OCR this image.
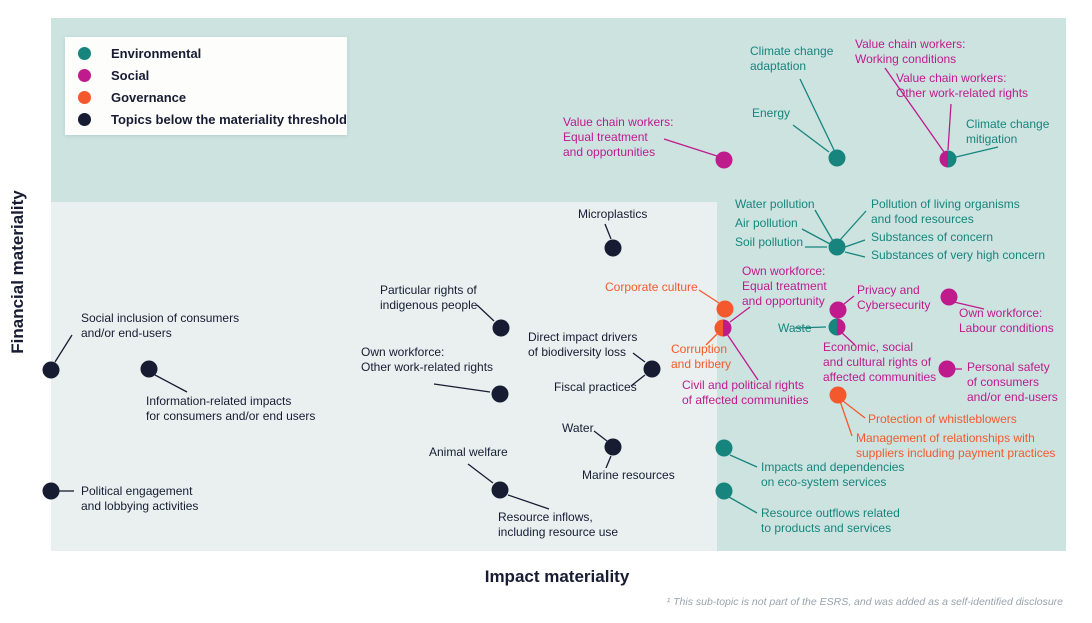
Climate change adaptation
Energy
Climate change mitigation
Value chain workers: Equal treatment and opportunities
Value chain workers: Working conditions
Value chain workers: Other work-related rights
Water pollution
Air pollution
Soil pollution
Pollution of living organisms and food resources
Substances of concern
Substances of very high concern
Microplastics
Corporate culture
Own workforce: Equal treatment and opportunity
Privacy and Cybersecurity
Own workforce: Labour conditions
Waste
Economic, social and cultural rights of affected communities
Personal safety of consumers and/or end-users
Corruption and bribery
Civil and political rights of affected communities
Protection of whistleblowers
Management of relationships with suppliers including payment practices
Particular rights of indigenous people
Social inclusion of consumers and/or end-users
Information-related impacts for consumers and/or end users
Own workforce: Other work-related rights
Direct impact drivers of biodiversity loss
Fiscal practices
Water
Marine resources
Animal welfare
Resource inflows, including resource use
Political engagement and lobbying activities
Impacts and dependencies on eco-system services
Resource outflows related to products and services
Environmental
Social
Governance
Topics below the materiality threshold
Financial materiality
Impact materiality
¹ This sub-topic is not part of the ESRS, and was added as a self-identified disclosure
